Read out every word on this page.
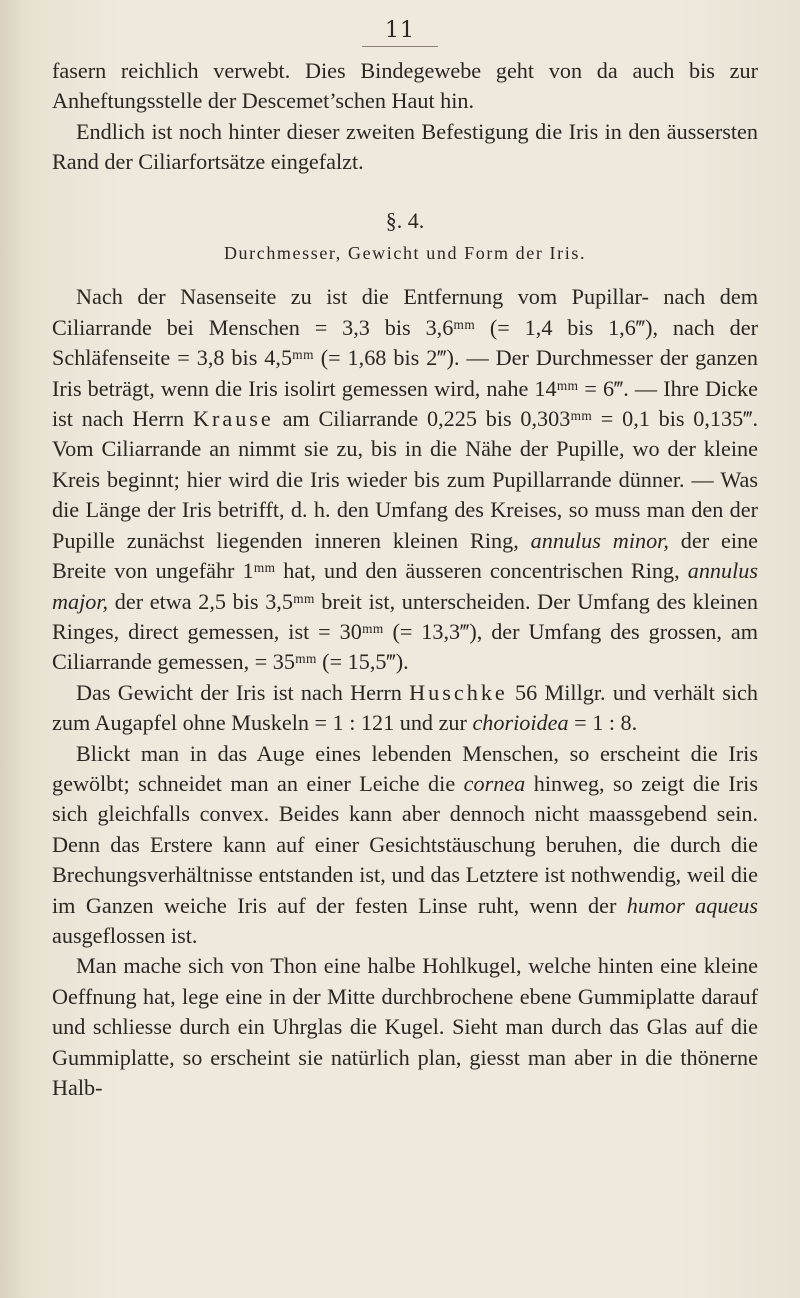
11

fasern reichlich verwebt. Dies Bindegewebe geht von da auch bis zur Anheftungsstelle der Descemet’schen Haut hin.

Endlich ist noch hinter dieser zweiten Befestigung die Iris in den äussersten Rand der Ciliarfortsätze eingefalzt.

§. 4.
Durchmesser, Gewicht und Form der Iris.

Nach der Nasenseite zu ist die Entfernung vom Pupillar- nach dem Ciliarrande bei Menschen = 3,3 bis 3,6ᵐᵐ (= 1,4 bis 1,6‴), nach der Schläfenseite = 3,8 bis 4,5ᵐᵐ (= 1,68 bis 2‴). — Der Durchmesser der ganzen Iris beträgt, wenn die Iris isolirt gemessen wird, nahe 14ᵐᵐ = 6‴. — Ihre Dicke ist nach Herrn Krause am Ciliarrande 0,225 bis 0,303ᵐᵐ = 0,1 bis 0,135‴. Vom Ciliarrande an nimmt sie zu, bis in die Nähe der Pupille, wo der kleine Kreis beginnt; hier wird die Iris wieder bis zum Pupillarrande dünner. — Was die Länge der Iris betrifft, d. h. den Umfang des Kreises, so muss man den der Pupille zunächst liegenden inneren kleinen Ring, annulus minor, der eine Breite von ungefähr 1ᵐᵐ hat, und den äusseren concentrischen Ring, annulus major, der etwa 2,5 bis 3,5ᵐᵐ breit ist, unterscheiden. Der Umfang des kleinen Ringes, direct gemessen, ist = 30ᵐᵐ (= 13,3‴), der Umfang des grossen, am Ciliarrande gemessen, = 35ᵐᵐ (= 15,5‴).

Das Gewicht der Iris ist nach Herrn Huschke 56 Millgr. und verhält sich zum Augapfel ohne Muskeln = 1 : 121 und zur chorioidea = 1 : 8.

Blickt man in das Auge eines lebenden Menschen, so erscheint die Iris gewölbt; schneidet man an einer Leiche die cornea hinweg, so zeigt die Iris sich gleichfalls convex. Beides kann aber dennoch nicht maassgebend sein. Denn das Erstere kann auf einer Gesichtstäuschung beruhen, die durch die Brechungsverhältnisse entstanden ist, und das Letztere ist nothwendig, weil die im Ganzen weiche Iris auf der festen Linse ruht, wenn der humor aqueus ausgeflossen ist.

Man mache sich von Thon eine halbe Hohlkugel, welche hinten eine kleine Oeffnung hat, lege eine in der Mitte durchbrochene ebene Gummiplatte darauf und schliesse durch ein Uhrglas die Kugel. Sieht man durch das Glas auf die Gummiplatte, so erscheint sie natürlich plan, giesst man aber in die thönerne Halb-
